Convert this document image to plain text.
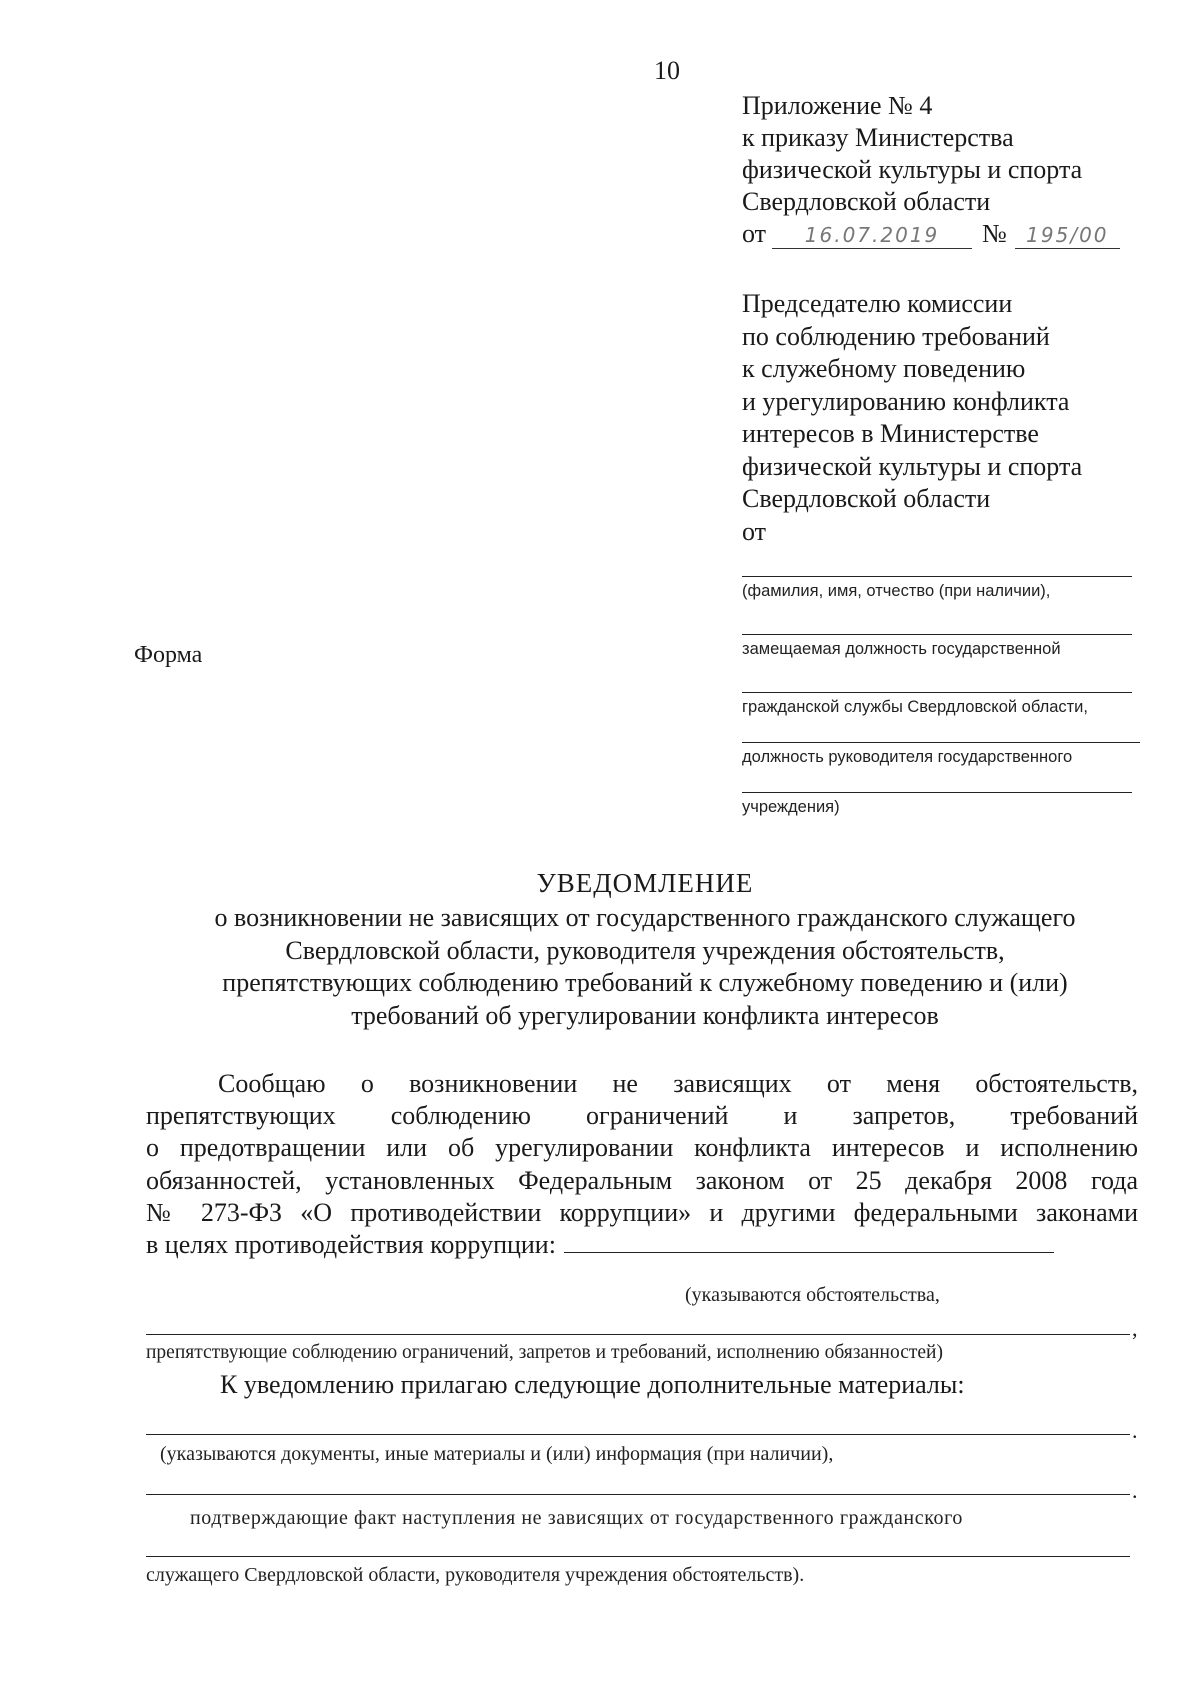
10
Приложение № 4
к приказу Министерства
физической культуры и спорта
Свердловской области
от 16.07.2019 № 195/00
Председателю комиссии
по соблюдению требований
к служебному поведению
и урегулированию конфликта
интересов в Министерстве
физической культуры и спорта
Свердловской области
от
(фамилия, имя, отчество (при наличии),
замещаемая должность государственной
гражданской службы Свердловской области,
должность руководителя государственного
учреждения)
Форма
УВЕДОМЛЕНИЕ
о возникновении не зависящих от государственного гражданского служащего
Свердловской области, руководителя учреждения обстоятельств,
препятствующих соблюдению требований к служебному поведению и (или)
требований об урегулировании конфликта интересов
Сообщаю о возникновении не зависящих от меня обстоятельств,
препятствующих соблюдению ограничений и запретов, требований
о предотвращении или об урегулировании конфликта интересов и исполнению
обязанностей, установленных Федеральным законом от 25 декабря 2008 года
№ 273-ФЗ «О противодействии коррупции» и другими федеральными законами
в целях противодействия коррупции:
(указываются обстоятельства,
,
препятствующие соблюдению ограничений, запретов и требований, исполнению обязанностей)
К уведомлению прилагаю следующие дополнительные материалы:
.
(указываются документы, иные материалы и (или) информация (при наличии),
.
подтверждающие факт наступления не зависящих от государственного гражданского
служащего Свердловской области, руководителя учреждения обстоятельств).
